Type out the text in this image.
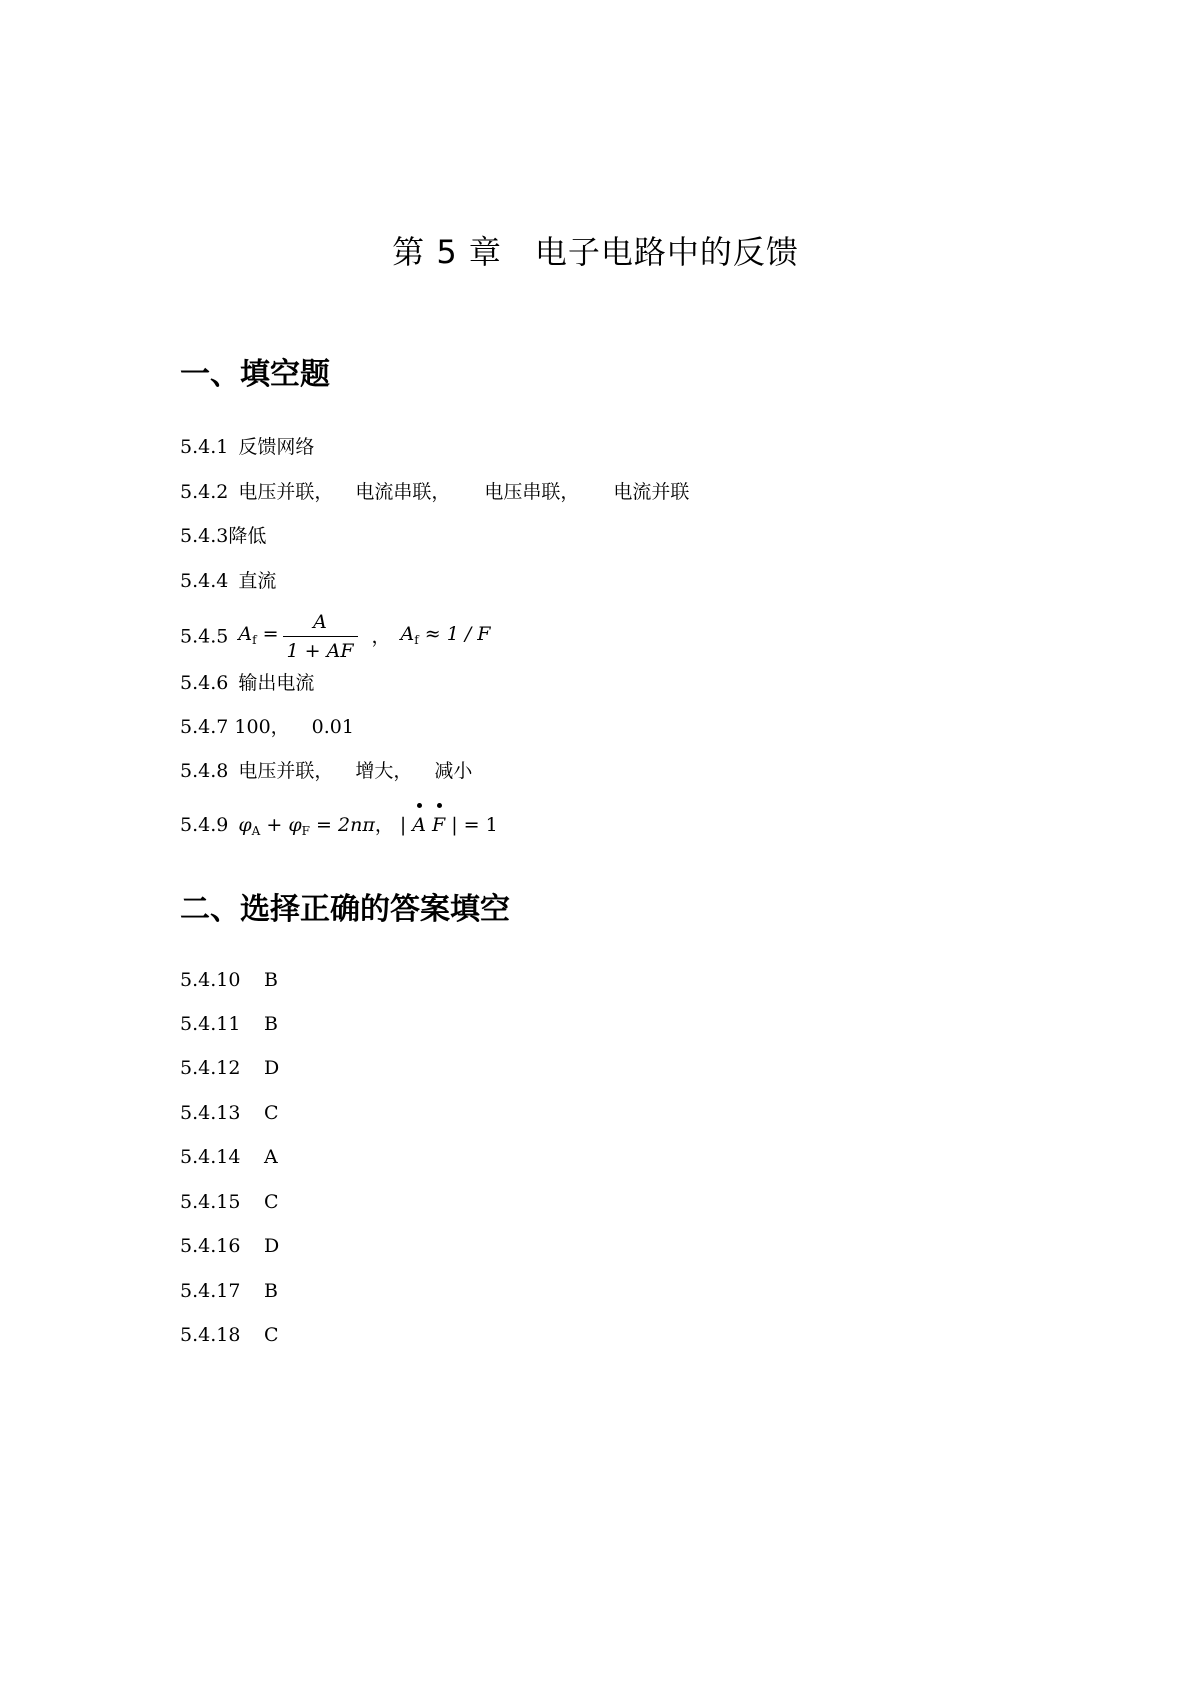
第 5 章　电子电路中的反馈
一、填空题
5.4.1 反馈网络
5.4.2 电压并联， 电流串联， 电压串联， 电流并联
5.4.3降低
5.4.4 直流
5.4.5 $A_f = \frac{A}{1 + AF}$ ， $A_f \approx 1 / F$
5.4.6 输出电流
5.4.7 100， 0.01
5.4.8 电压并联， 增大， 减小
5.4.9 $\varphi_A + \varphi_F = 2n\pi$， | A F | = 1
二、选择正确的答案填空
5.4.10 B
5.4.11 B
5.4.12 D
5.4.13 C
5.4.14 A
5.4.15 C
5.4.16 D
5.4.17 B
5.4.18 C
